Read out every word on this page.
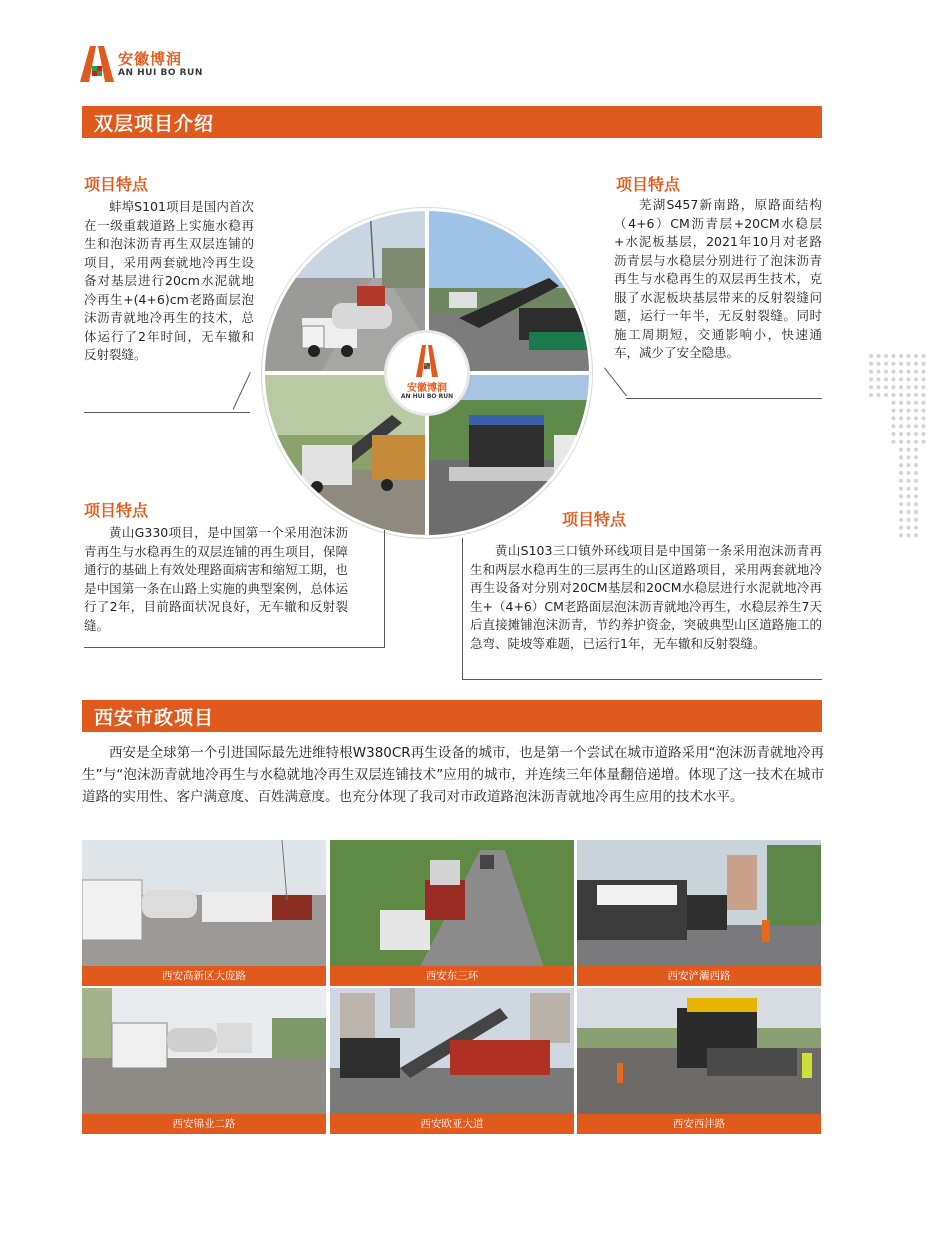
安徽博润
AN HUI BO RUN
双层项目介绍
项目特点
蚌埠S101项目是国内首次在一级重载道路上实施水稳再生和泡沫沥青再生双层连铺的项目，采用两套就地冷再生设备对基层进行20cm水泥就地冷再生+(4+6)cm老路面层泡沫沥青就地冷再生的技术，总体运行了2年时间，无车辙和反射裂缝。
项目特点
芜湖S457新南路，原路面结构（4+6）CM沥青层+20CM水稳层+水泥板基层，2021年10月对老路沥青层与水稳层分别进行了泡沫沥青再生与水稳再生的双层再生技术，克服了水泥板块基层带来的反射裂缝问题，运行一年半，无反射裂缝。同时施工周期短，交通影响小，快速通车，减少了安全隐患。
安徽博润
AN HUI BO RUN
项目特点
黄山G330项目，是中国第一个采用泡沫沥青再生与水稳再生的双层连铺的再生项目，保障通行的基础上有效处理路面病害和缩短工期，也是中国第一条在山路上实施的典型案例，总体运行了2年，目前路面状况良好，无车辙和反射裂缝。
项目特点
黄山S103三口镇外环线项目是中国第一条采用泡沫沥青再生和两层水稳再生的三层再生的山区道路项目，采用两套就地冷再生设备对分别对20CM基层和20CM水稳层进行水泥就地冷再生+（4+6）CM老路面层泡沫沥青就地冷再生，水稳层养生7天后直接摊铺泡沫沥青，节约养护资金，突破典型山区道路施工的急弯、陡坡等难题，已运行1年，无车辙和反射裂缝。
西安市政项目
西安是全球第一个引进国际最先进维特根W380CR再生设备的城市，也是第一个尝试在城市道路采用“泡沫沥青就地冷再生”与“泡沫沥青就地冷再生与水稳就地冷再生双层连铺技术”应用的城市，并连续三年体量翻倍递增。体现了这一技术在城市道路的实用性、客户满意度、百姓满意度。也充分体现了我司对市政道路泡沫沥青就地冷再生应用的技术水平。
西安高新区大庞路	西安东三环	西安浐灞西路
西安锦业二路	西安欧亚大道	西安西沣路
